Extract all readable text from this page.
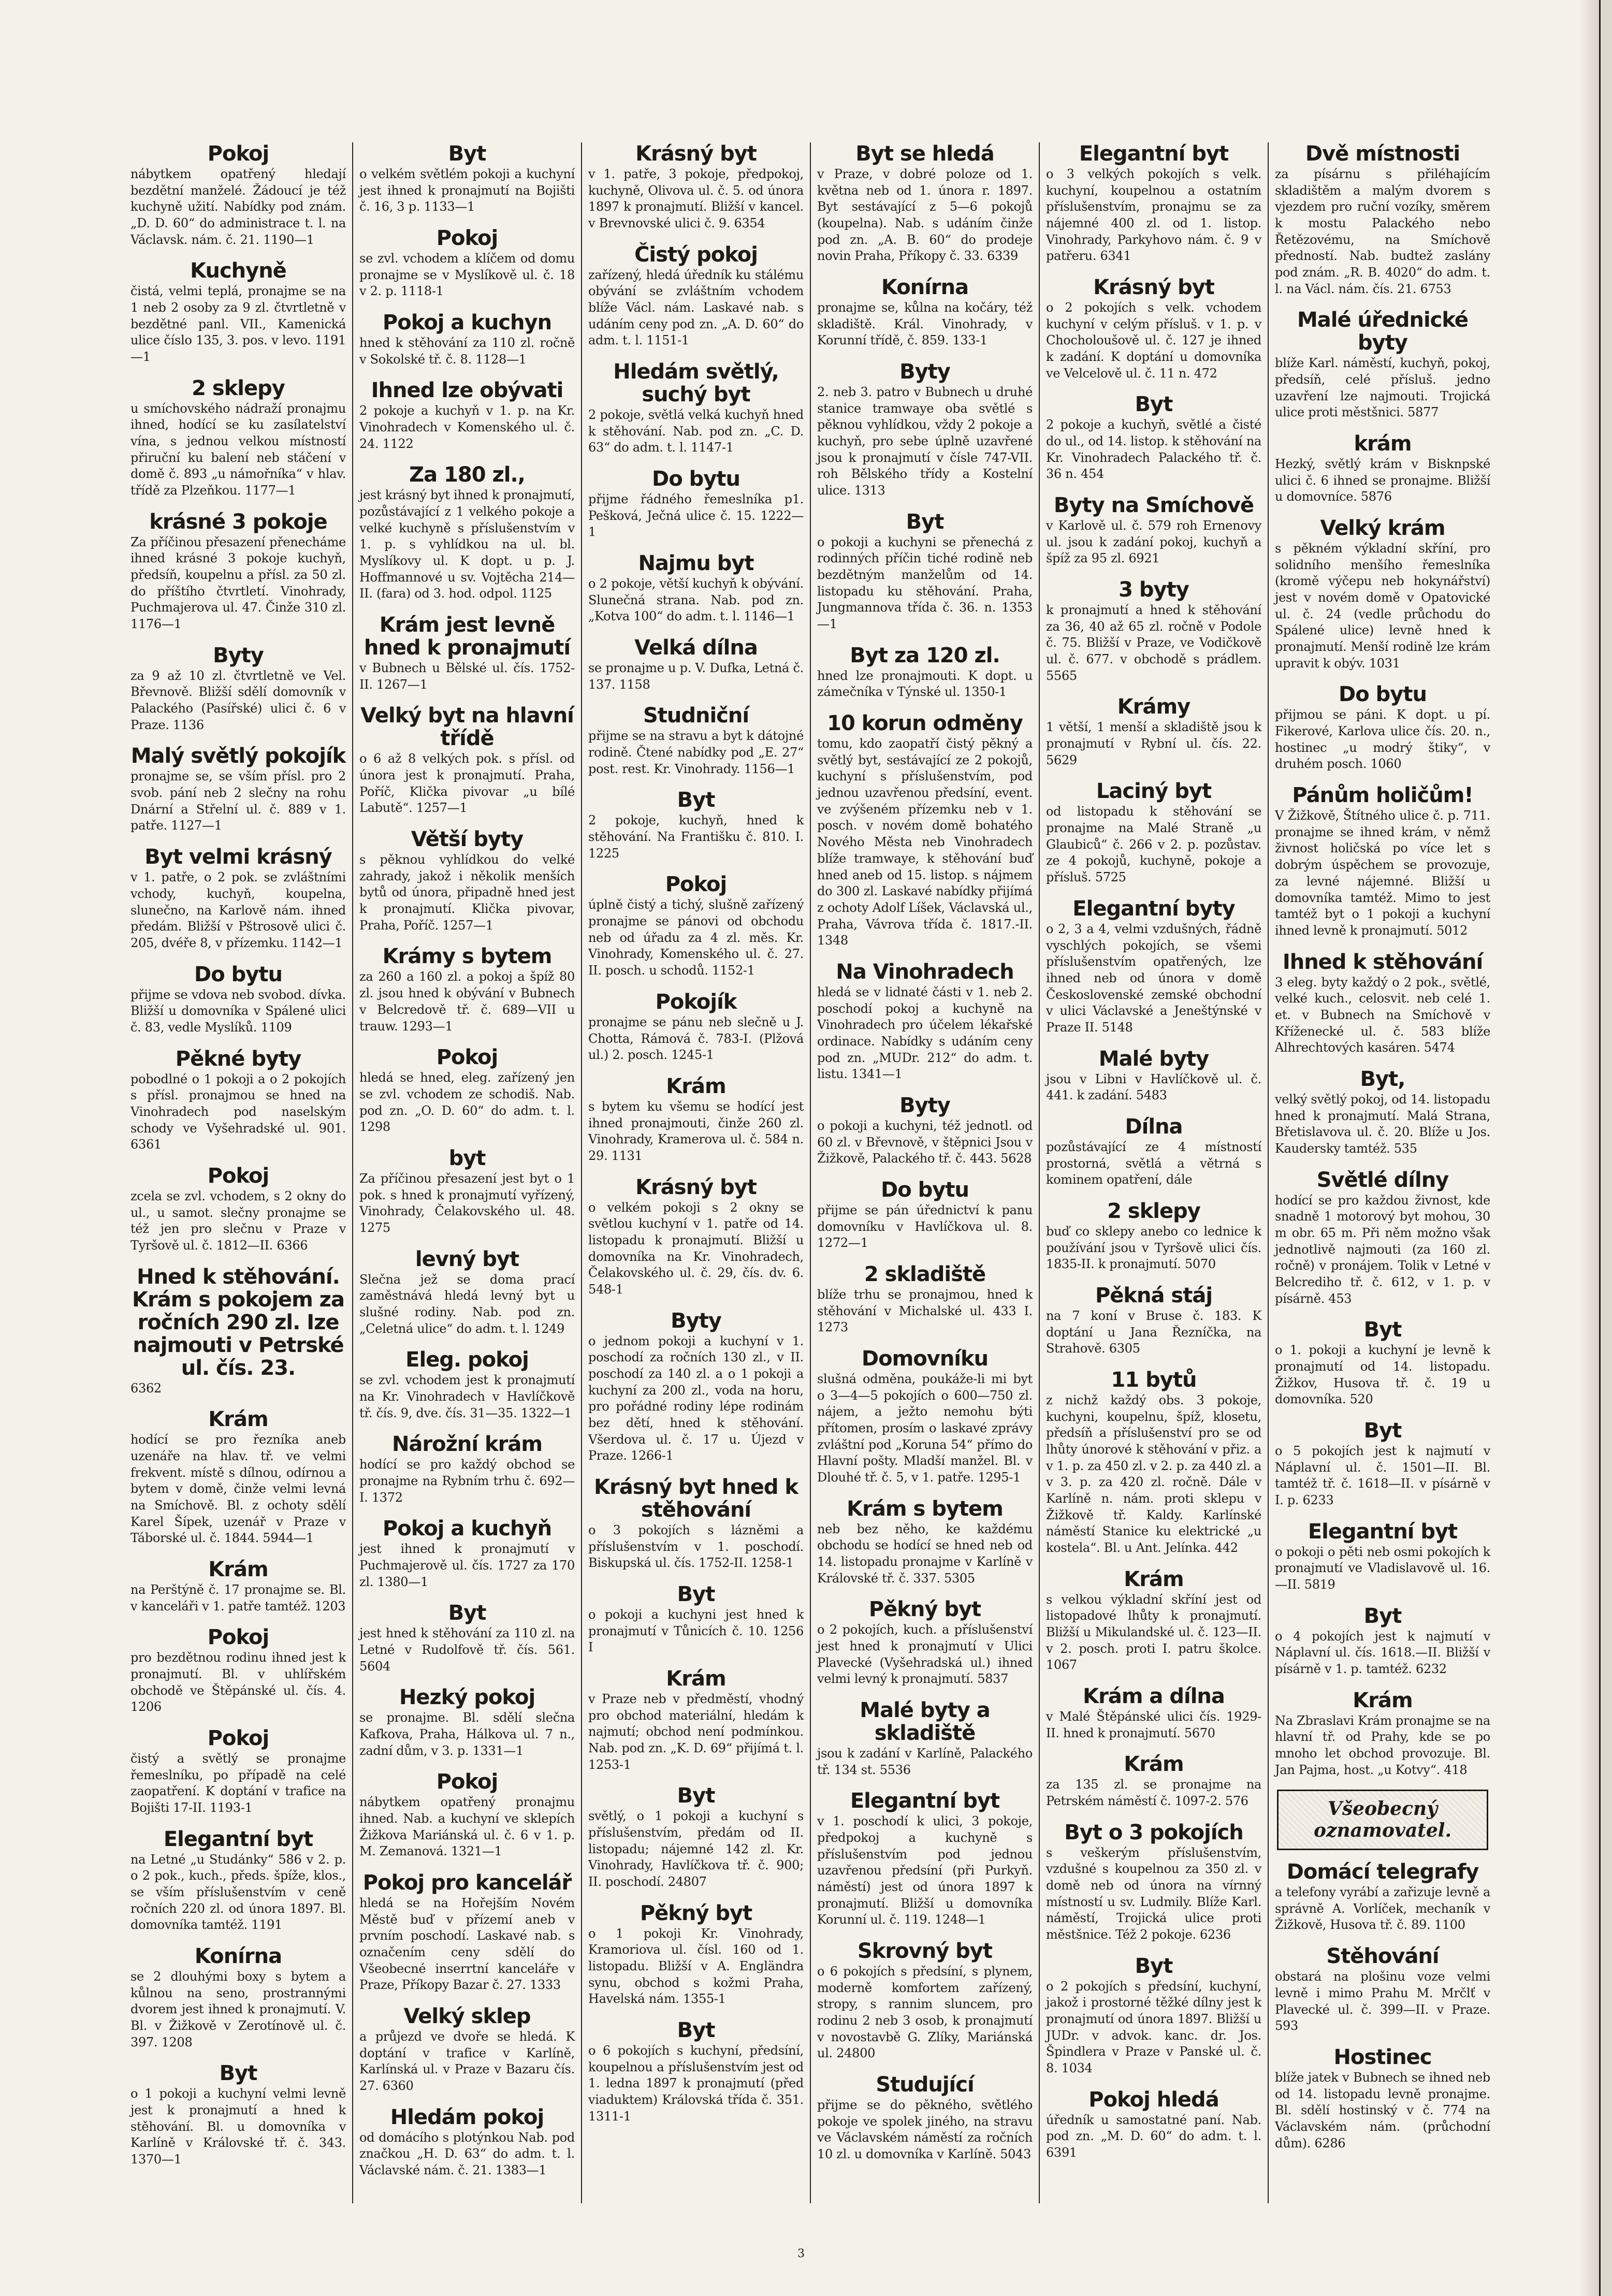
Pokoj
nábytkem opatřený hledají bezdětní manželé. Žádoucí je též kuchyně užití. Nabídky pod znám. „D. D. 60“ do administrace t. l. na Václavsk. nám. č. 21. 1190—1
Kuchyně
čistá, velmi teplá, pronajme se na 1 neb 2 osoby za 9 zl. čtvrtletně v bezdětné panl. VII., Kamenická ulice číslo 135, 3. pos. v levo. 1191—1
2 sklepy
u smíchovského nádraží pronajmu ihned, hodící se ku zasílatelství vína, s jednou velkou místností přiruční ku balení neb stáčení v domě č. 893 „u námořníka“ v hlav. třídě za Plzeňkou. 1177—1
krásné 3 pokoje
Za příčinou přesazení přenecháme ihned krásné 3 pokoje kuchyň, předsíň, koupelnu a přísl. za 50 zl. do příštího čtvrtletí. Vinohrady, Puchmajerova ul. 47. Činže 310 zl. 1176—1
Byty
za 9 až 10 zl. čtvrtletně ve Vel. Břevnově. Bližší sdělí domovník v Palackého (Pasířské) ulici č. 6 v Praze. 1136
Malý světlý pokojík
pronajme se, se vším přísl. pro 2 svob. pání neb 2 slečny na rohu Dnární a Střelní ul. č. 889 v 1. patře. 1127—1
Byt velmi krásný
v 1. patře, o 2 pok. se zvláštními vchody, kuchyň, koupelna, slunečno, na Karlově nám. ihned předám. Bližší v Pštrosově ulici č. 205, dvéře 8, v přízemku. 1142—1
Do bytu
přijme se vdova neb svobod. dívka. Bližší u domovníka v Spálené ulici č. 83, vedle Myslíků. 1109
Pěkné byty
pobodlné o 1 pokoji a o 2 pokojích s přísl. pronajmou se hned na Vinohradech pod naselským schody ve Vyšehradské ul. 901. 6361
Pokoj
zcela se zvl. vchodem, s 2 okny do ul., u samot. slečny pronajme se též jen pro slečnu v Praze v Tyršově ul. č. 1812—II. 6366
Hned k stěhování. Krám s pokojem za ročních 290 zl. Ize najmouti v Petrské ul. čís. 23.
6362
Krám
hodící se pro řezníka aneb uzenáře na hlav. tř. ve velmi frekvent. místě s dílnou, odírnou a bytem v domě, činže velmi levná na Smíchově. Bl. z ochoty sdělí Karel Šípek, uzenář v Praze v Táborské ul. č. 1844. 5944—1
Krám
na Perštýně č. 17 pronajme se. Bl. v kanceláři v 1. patře tamtéž. 1203
Pokoj
pro bezdětnou rodinu ihned jest k pronajmutí. Bl. v uhlířském obchodě ve Štěpánské ul. čís. 4. 1206
Pokoj
čistý a světlý se pronajme řemeslníku, po případě na celé zaopatření. K doptání v trafice na Bojišti 17-II. 1193-1
Elegantní byt
na Letné „u Studánky“ 586 v 2. p. o 2 pok., kuch., předs. špíže, klos., se vším příslušenstvím v ceně ročních 220 zl. od února 1897. Bl. domovníka tamtéž. 1191
Konírna
se 2 dlouhými boxy s bytem a kůlnou na seno, prostrannými dvorem jest ihned k pronajmutí. V. Bl. v Žižkově v Zerotínově ul. č. 397. 1208
Byt
o 1 pokoji a kuchyní velmi levně jest k pronajmutí a hned k stěhování. Bl. u domovníka v Karlíně v Královské tř. č. 343. 1370—1
Byt
o velkém světlém pokoji a kuchyní jest ihned k pronajmutí na Bojišti č. 16, 3 p. 1133—1
Pokoj
se zvl. vchodem a klíčem od domu pronajme se v Myslíkově ul. č. 18 v 2. p. 1118-1
Pokoj a kuchyn
hned k stěhování za 110 zl. ročně v Sokolské tř. č. 8. 1128—1
Ihned lze obývati
2 pokoje a kuchyň v 1. p. na Kr. Vinohradech v Komenského ul. č. 24. 1122
Za 180 zl.,
jest krásný byt ihned k pronajmutí, pozůstávající z 1 velkého pokoje a velké kuchyně s příslušenstvím v 1. p. s vyhlídkou na ul. bl. Myslíkovy ul. K dopt. u p. J. Hoffmannové u sv. Vojtěcha 214—II. (fara) od 3. hod. odpol. 1125
Krám jest levně hned k pronajmutí
v Bubnech u Bělské ul. čís. 1752-II. 1267—1
Velký byt na hlavní třídě
o 6 až 8 velkých pok. s přísl. od února jest k pronajmutí. Praha, Poříč, Klička pivovar „u bílé Labutě“. 1257—1
Větší byty
s pěknou vyhlídkou do velké zahrady, jakož i několik menších bytů od února, připadně hned jest k pronajmutí. Klička pivovar, Praha, Poříč. 1257—1
Krámy s bytem
za 260 a 160 zl. a pokoj a špíž 80 zl. jsou hned k obývání v Bubnech v Belcredově tř. č. 689—VII u trauw. 1293—1
Pokoj
hledá se hned, eleg. zařízený jen se zvl. vchodem ze schodiš. Nab. pod zn. „O. D. 60“ do adm. t. l. 1298
byt
Za příčinou přesazení jest byt o 1 pok. s hned k pronajmutí vyřízený, Vinohrady, Čelakovského ul. 48. 1275
levný byt
Slečna jež se doma prací zaměstnává hledá levný byt u slušné rodiny. Nab. pod zn. „Celetná ulice“ do adm. t. l. 1249
Eleg. pokoj
se zvl. vchodem jest k pronajmutí na Kr. Vinohradech v Havlíčkově tř. čís. 9, dve. čís. 31—35. 1322—1
Nárožní krám
hodící se pro každý obchod se pronajme na Rybním trhu č. 692—I. 1372
Pokoj a kuchyň
jest ihned k pronajmutí v Puchmajerově ul. čís. 1727 za 170 zl. 1380—1
Byt
jest hned k stěhování za 110 zl. na Letné v Rudolfově tř. čís. 561. 5604
Hezký pokoj
se pronajme. Bl. sdělí slečna Kafkova, Praha, Hálkova ul. 7 n., zadní dům, v 3. p. 1331—1
Pokoj
nábytkem opatřený pronajmu ihned. Nab. a kuchyní ve sklepích Žižkova Mariánská ul. č. 6 v 1. p. M. Zemanová. 1321—1
Pokoj pro kancelář
hledá se na Hořejším Novém Městě buď v přízemí aneb v prvním poschodí. Laskavé nab. s označením ceny sdělí do Všeobecné inserrtní kanceláře v Praze, Příkopy Bazar č. 27. 1333
Velký sklep
a průjezd ve dvoře se hledá. K doptání v trafice v Karlíně, Karlínská ul. v Praze v Bazaru čís. 27. 6360
Hledám pokoj
od domácího s plotýnkou Nab. pod značkou „H. D. 63“ do adm. t. l. Václavské nám. č. 21. 1383—1
Krásný byt
v 1. patře, 3 pokoje, předpokoj, kuchyně, Olivova ul. č. 5. od února 1897 k pronajmutí. Bližší v kancel. v Brevnovské ulici č. 9. 6354
Čistý pokoj
zařízený, hledá úředník ku stálému obývání se zvláštním vchodem blíže Václ. nám. Laskavé nab. s udáním ceny pod zn. „A. D. 60“ do adm. t. l. 1151-1
Hledám světlý, suchý byt
2 pokoje, světlá velká kuchyň hned k stěhování. Nab. pod zn. „C. D. 63“ do adm. t. l. 1147-1
Do bytu
přijme řádného řemeslníka p1. Pešková, Ječná ulice č. 15. 1222—1
Najmu byt
o 2 pokoje, větší kuchyň k obývání. Slunečná strana. Nab. pod zn. „Kotva 100“ do adm. t. l. 1146—1
Velká dílna
se pronajme u p. V. Dufka, Letná č. 137. 1158
Studniční
přijme se na stravu a byt k dátojné rodině. Čtené nabídky pod „E. 27“ post. rest. Kr. Vinohrady. 1156—1
Byt
2 pokoje, kuchyň, hned k stěhování. Na Františku č. 810. I. 1225
Pokoj
úplně čistý a tichý, slušně zařízený pronajme se pánovi od obchodu neb od úřadu za 4 zl. měs. Kr. Vinohrady, Komenského ul. č. 27. II. posch. u schodů. 1152-1
Pokojík
pronajme se pánu neb slečně u J. Chotta, Rámová č. 783-I. (Plžová ul.) 2. posch. 1245-1
Krám
s bytem ku všemu se hodící jest ihned pronajmouti, činže 260 zl. Vinohrady, Kramerova ul. č. 584 n. 29. 1131
Krásný byt
o velkém pokoji s 2 okny se světlou kuchyní v 1. patře od 14. listopadu k pronajmutí. Bližší u domovníka na Kr. Vinohradech, Čelakovského ul. č. 29, čís. dv. 6. 548-1
Byty
o jednom pokoji a kuchyní v 1. poschodí za ročních 130 zl., v II. poschodí za 140 zl. a o 1 pokoji a kuchyní za 200 zl., voda na horu, pro pořádné rodiny lépe rodinám bez dětí, hned k stěhování. Všerdova ul. č. 17 u. Újezd v Praze. 1266-1
Krásný byt hned k stěhování
o 3 pokojích s lázněmi a příslušenstvím v 1. poschodí. Biskupská ul. čís. 1752-II. 1258-1
Byt
o pokoji a kuchyni jest hned k pronajmutí v Tůnicích č. 10. 1256 I
Krám
v Praze neb v předměstí, vhodný pro obchod materiální, hledám k najmutí; obchod není podmínkou. Nab. pod zn. „K. D. 69“ přijímá t. l. 1253-1
Byt
světlý, o 1 pokoji a kuchyní s příslušenstvím, předám od II. listopadu; nájemné 142 zl. Kr. Vinohrady, Havlíčkova tř. č. 900; II. poschodí. 24807
Pěkný byt
o 1 pokoji Kr. Vinohrady, Kramoriova ul. čísl. 160 od 1. listopadu. Bližší v A. Engländra synu, obchod s kožmi Praha, Havelská nám. 1355-1
Byt
o 6 pokojích s kuchyní, předsíní, koupelnou a příslušenstvím jest od 1. ledna 1897 k pronajmutí (před viaduktem) Královská třída č. 351. 1311-1
Byt se hledá
v Praze, v dobré poloze od 1. května neb od 1. února r. 1897. Byt sestávající z 5—6 pokojů (koupelna). Nab. s udáním činže pod zn. „A. B. 60“ do prodeje novin Praha, Příkopy č. 33. 6339
Konírna
pronajme se, kůlna na kočáry, též skladiště. Král. Vinohrady, v Korunní třídě, č. 859. 133-1
Byty
2. neb 3. patro v Bubnech u druhé stanice tramwaye oba světlé s pěknou vyhlídkou, vždy 2 pokoje a kuchyň, pro sebe úplně uzavřené jsou k pronajmutí v čísle 747-VII. roh Bělského třídy a Kostelní ulice. 1313
Byt
o pokoji a kuchyni se přenechá z rodinných příčin tiché rodině neb bezdětným manželům od 14. listopadu ku stěhování. Praha, Jungmannova třída č. 36. n. 1353—1
Byt za 120 zl.
hned lze pronajmouti. K dopt. u zámečníka v Týnské ul. 1350-1
10 korun odměny
tomu, kdo zaopatří čistý pěkný a světlý byt, sestávající ze 2 pokojů, kuchyní s příslušenstvím, pod jednou uzavřenou předsíní, event. ve zvýšeném přízemku neb v 1. posch. v novém domě bohatého Nového Města neb Vinohradech blíže tramwaye, k stěhování buď hned aneb od 15. listop. s nájmem do 300 zl. Laskavé nabídky přijímá z ochoty Adolf Líšek, Václavská ul., Praha, Vávrova třída č. 1817.-II. 1348
Na Vinohradech
hledá se v lidnaté části v 1. neb 2. poschodí pokoj a kuchyně na Vinohradech pro účelem lékařské ordinace. Nabídky s udáním ceny pod zn. „MUDr. 212“ do adm. t. listu. 1341—1
Byty
o pokoji a kuchyni, též jednotl. od 60 zl. v Břevnově, v štěpnici Jsou v Žižkově, Palackého tř. č. 443. 5628
Do bytu
přijme se pán úřednictví k panu domovníku v Havlíčkova ul. 8. 1272—1
2 skladiště
blíže trhu se pronajmou, hned k stěhování v Michalské ul. 433 I. 1273
Domovníku
slušná odměna, poukáže-li mi byt o 3—4—5 pokojích o 600—750 zl. nájem, a ježto nemohu býti přítomen, prosím o laskavé zprávy zvláštní pod „Koruna 54“ přímo do Hlavní pošty. Mladší manžel. Bl. v Dlouhé tř. č. 5, v 1. patře. 1295-1
Krám s bytem
neb bez něho, ke každému obchodu se hodící se hned neb od 14. listopadu pronajme v Karlíně v Královské tř. č. 337. 5305
Pěkný byt
o 2 pokojích, kuch. a příslušenství jest hned k pronajmutí v Ulici Plavecké (Vyšehradská ul.) ihned velmi levný k pronajmutí. 5837
Malé byty a skladiště
jsou k zadání v Karlíně, Palackého tř. 134 st. 5536
Elegantní byt
v 1. poschodí k ulici, 3 pokoje, předpokoj a kuchyně s příslušenstvím pod jednou uzavřenou předsíní (při Purkyň. náměstí) jest od února 1897 k pronajmutí. Bližší u domovníka Korunní ul. č. 119. 1248—1
Skrovný byt
o 6 pokojích s předsíní, s plynem, moderně komfortem zařízený, stropy, s rannim sluncem, pro rodinu 2 neb 3 osob, k pronajmutí v novostavbě G. Zlíky, Mariánská ul. 24800
Studující
přijme se do pěkného, světlého pokoje ve spolek jiného, na stravu ve Václavském náměstí za ročních 10 zl. u domovníka v Karlíně. 5043
Elegantní byt
o 3 velkých pokojích s velk. kuchyní, koupelnou a ostatním příslušenstvím, pronajmu se za nájemné 400 zl. od 1. listop. Vinohrady, Parkyhovo nám. č. 9 v patřeru. 6341
Krásný byt
o 2 pokojích s velk. vchodem kuchyní v celým přísluš. v 1. p. v Chocholoušově ul. č. 127 je ihned k zadání. K doptání u domovníka ve Velcelově ul. č. 11 n. 472
Byt
2 pokoje a kuchyň, světlé a čisté do ul., od 14. listop. k stěhování na Kr. Vinohradech Palackého tř. č. 36 n. 454
Byty na Smíchově
v Karlově ul. č. 579 roh Ernenovy ul. jsou k zadání pokoj, kuchyň a špíž za 95 zl. 6921
3 byty
k pronajmutí a hned k stěhování za 36, 40 až 65 zl. ročně v Podole č. 75. Bližší v Praze, ve Vodičkově ul. č. 677. v obchodě s prádlem. 5565
Krámy
1 větší, 1 menší a skladiště jsou k pronajmutí v Rybní ul. čís. 22. 5629
Laciný byt
od listopadu k stěhování se pronajme na Malé Straně „u Glaubiců“ č. 266 v 2. p. pozůstav. ze 4 pokojů, kuchyně, pokoje a přísluš. 5725
Elegantní byty
o 2, 3 a 4, velmi vzdušných, řádně vyschlých pokojích, se všemi příslušenstvím opatřených, lze ihned neb od února v domě Československé zemské obchodní v ulici Václavské a Jeneštýnské v Praze II. 5148
Malé byty
jsou v Libni v Havlíčkově ul. č. 441. k zadání. 5483
Dílna
pozůstávající ze 4 místností prostorná, světlá a větrná s kominem opatření, dále
2 sklepy
buď co sklepy anebo co lednice k používání jsou v Tyršově ulici čís. 1835-II. k pronajmutí. 5070
Pěkná stáj
na 7 koní v Bruse č. 183. K doptání u Jana Řezníčka, na Strahově. 6305
11 bytů
z nichž každý obs. 3 pokoje, kuchyni, koupelnu, špíž, klosetu, předsíň a příslušenství pro se od lhůty únorové k stěhování v přiz. a v 1. p. za 450 zl. v 2. p. za 440 zl. a v 3. p. za 420 zl. ročně. Dále v Karlíně n. nám. proti sklepu v Žižkově tř. Kaldy. Karlínské náměstí Stanice ku elektrické „u kostela“. Bl. u Ant. Jelínka. 442
Krám
s velkou výkladní skříní jest od listopadové lhůty k pronajmutí. Bližší u Mikulandské ul. č. 123—II. v 2. posch. proti I. patru školce. 1067
Krám a dílna
v Malé Štěpánské ulici čís. 1929-II. hned k pronajmutí. 5670
Krám
za 135 zl. se pronajme na Petrském náměstí č. 1097-2. 576
Byt o 3 pokojích
s veškerým příslušenstvím, vzdušné s koupelnou za 350 zl. v domě neb od února na vírnný místností u sv. Ludmily. Blíže Karl. náměstí, Trojická ulice proti městšnice. Též 2 pokoje. 6236
Byt
o 2 pokojích s předsíní, kuchyní, jakož i prostorné těžké dílny jest k pronajmutí od února 1897. Bližší u JUDr. v advok. kanc. dr. Jos. Špindlera v Praze v Panské ul. č. 8. 1034
Pokoj hledá
úředník u samostatné paní. Nab. pod zn. „M. D. 60“ do adm. t. l. 6391
Dvě místnosti
za písárnu s přiléhajícím skladištěm a malým dvorem s vjezdem pro ruční vozíky, směrem k mostu Palackého nebo Řetězovému, na Smíchově předností. Nab. budtež zaslány pod znám. „R. B. 4020“ do adm. t. l. na Václ. nám. čís. 21. 6753
Malé úřednické byty
blíže Karl. náměstí, kuchyň, pokoj, předsíň, celé přísluš. jedno uzavření lze najmouti. Trojická ulice proti městšnici. 5877
krám
Hezký, světlý krám v Bisknpské ulici č. 6 ihned se pronajme. Bližší u domovníce. 5876
Velký krám
s pěkném výkladní skříní, pro solidního menšího řemeslníka (kromě výčepu neb hokynářství) jest v novém domě v Opatovické ul. č. 24 (vedle průchodu do Spálené ulice) levně hned k pronajmutí. Menší rodině lze krám upravit k obýv. 1031
Do bytu
přijmou se páni. K dopt. u pí. Fikerové, Karlova ulice čís. 20. n., hostinec „u modrý štiky“, v druhém posch. 1060
Pánům holičům!
V Žižkově, Štítného ulice č. p. 711. pronajme se ihned krám, v němž živnost holičská po více let s dobrým úspěchem se provozuje, za levné nájemné. Bližší u domovníka tamtéž. Mimo to jest tamtéž byt o 1 pokoji a kuchyní ihned levně k pronajmutí. 5012
Ihned k stěhování
3 eleg. byty každý o 2 pok., světlé, velké kuch., celosvit. neb celé 1. et. v Bubnech na Smíchově v Kříženecké ul. č. 583 blíže Alhrechtových kasáren. 5474
Byt,
velký světlý pokoj, od 14. listopadu hned k pronajmutí. Malá Strana, Břetislavova ul. č. 20. Blíže u Jos. Kaudersky tamtéž. 535
Světlé dílny
hodící se pro každou živnost, kde snadně 1 motorový byt mohou, 30 m obr. 65 m. Při něm možno však jednotlivě najmouti (za 160 zl. ročně) v pronájem. Tolik v Letné v Belcrediho tř. č. 612, v 1. p. v písárně. 453
Byt
o 1. pokoji a kuchyní je levně k pronajmutí od 14. listopadu. Žižkov, Husova tř. č. 19 u domovníka. 520
Byt
o 5 pokojích jest k najmutí v Náplavní ul. č. 1501—II. Bl. tamtéž tř. č. 1618—II. v písárně v I. p. 6233
Elegantní byt
o pokoji o pěti neb osmi pokojích k pronajmutí ve Vladislavově ul. 16.—II. 5819
Byt
o 4 pokojích jest k najmutí v Náplavní ul. čís. 1618.—II. Bližší v písárně v 1. p. tamtéž. 6232
Krám
Na Zbraslavi Krám pronajme se na hlavní tř. od Prahy, kde se po mnoho let obchod provozuje. Bl. Jan Pajma, host. „u Kotvy“. 418
Všeobecný oznamovatel.
Domácí telegrafy
a telefony vyrábí a zařizuje levně a správně A. Vorlíček, mechaník v Žižkově, Husova tř. č. 89. 1100
Stěhování
obstará na plošinu voze velmi levně i mimo Prahu M. Mrčlť v Plavecké ul. č. 399—II. v Praze. 593
Hostinec
blíže jatek v Bubnech se ihned neb od 14. listopadu levně pronajme. Bl. sdělí hostinský v č. 774 na Václavském nám. (průchodní dům). 6286
3
